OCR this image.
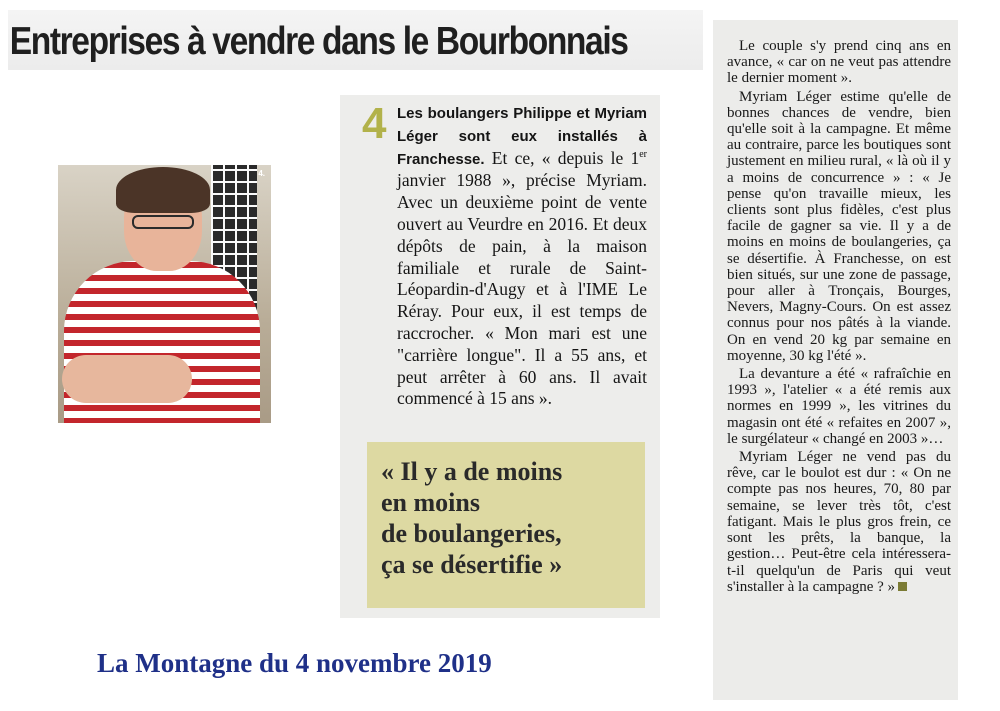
Entreprises à vendre dans le Bourbonnais
4.
4 Les boulangers Philippe et Myriam Léger sont eux installés à Franchesse. Et ce, « depuis le 1er janvier 1988 », précise Myriam. Avec un deuxième point de vente ouvert au Veurdre en 2016. Et deux dépôts de pain, à la maison familiale et rurale de Saint-Léopardin-d'Augy et à l'IME Le Réray. Pour eux, il est temps de raccrocher. « Mon mari est une "carrière longue". Il a 55 ans, et peut arrêter à 60 ans. Il avait commencé à 15 ans ».

« Il y a de moins
en moins
de boulangeries,
ça se désertifie »

Le couple s'y prend cinq ans en avance, « car on ne veut pas attendre le dernier moment ».

Myriam Léger estime qu'elle de bonnes chances de vendre, bien qu'elle soit à la campagne. Et même au contraire, parce les boutiques sont justement en milieu rural, « là où il y a moins de concurrence » : « Je pense qu'on travaille mieux, les clients sont plus fidèles, c'est plus facile de gagner sa vie. Il y a de moins en moins de boulangeries, ça se désertifie. À Franchesse, on est bien situés, sur une zone de passage, pour aller à Tronçais, Bourges, Nevers, Magny-Cours. On est assez connus pour nos pâtés à la viande. On en vend 20 kg par semaine en moyenne, 30 kg l'été ».

La devanture a été « rafraîchie en 1993 », l'atelier « a été remis aux normes en 1999 », les vitrines du magasin ont été « refaites en 2007 », le surgélateur « changé en 2003 »…

Myriam Léger ne vend pas du rêve, car le boulot est dur : « On ne compte pas nos heures, 70, 80 par semaine, se lever très tôt, c'est fatigant. Mais le plus gros frein, ce sont les prêts, la banque, la gestion… Peut-être cela intéressera-t-il quelqu'un de Paris qui veut s'installer à la campagne ? »

La Montagne du 4 novembre 2019
